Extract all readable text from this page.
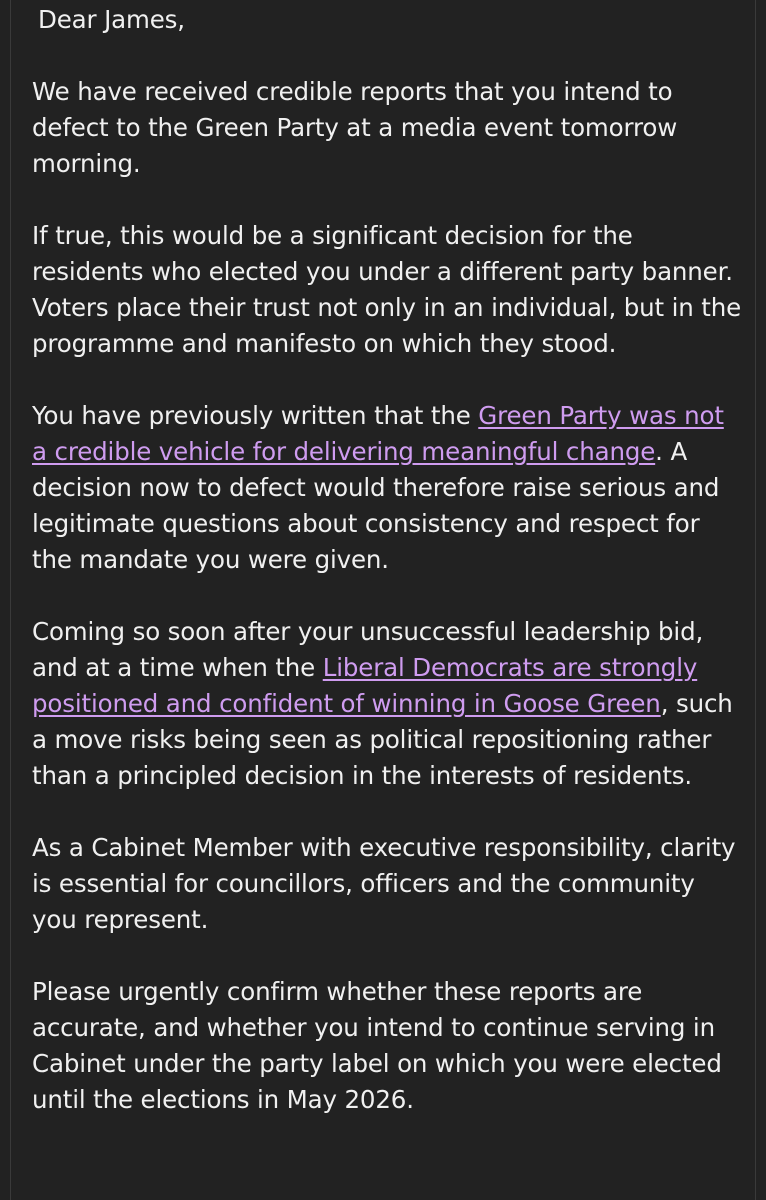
Dear James,

We have received credible reports that you intend to defect to the Green Party at a media event tomorrow morning.

If true, this would be a significant decision for the residents who elected you under a different party banner. Voters place their trust not only in an individual, but in the programme and manifesto on which they stood.

You have previously written that the Green Party was not a credible vehicle for delivering meaningful change. A decision now to defect would therefore raise serious and legitimate questions about consistency and respect for the mandate you were given.

Coming so soon after your unsuccessful leadership bid, and at a time when the Liberal Democrats are strongly positioned and confident of winning in Goose Green, such a move risks being seen as political repositioning rather than a principled decision in the interests of residents.

As a Cabinet Member with executive responsibility, clarity is essential for councillors, officers and the community you represent.

Please urgently confirm whether these reports are accurate, and whether you intend to continue serving in Cabinet under the party label on which you were elected until the elections in May 2026.
